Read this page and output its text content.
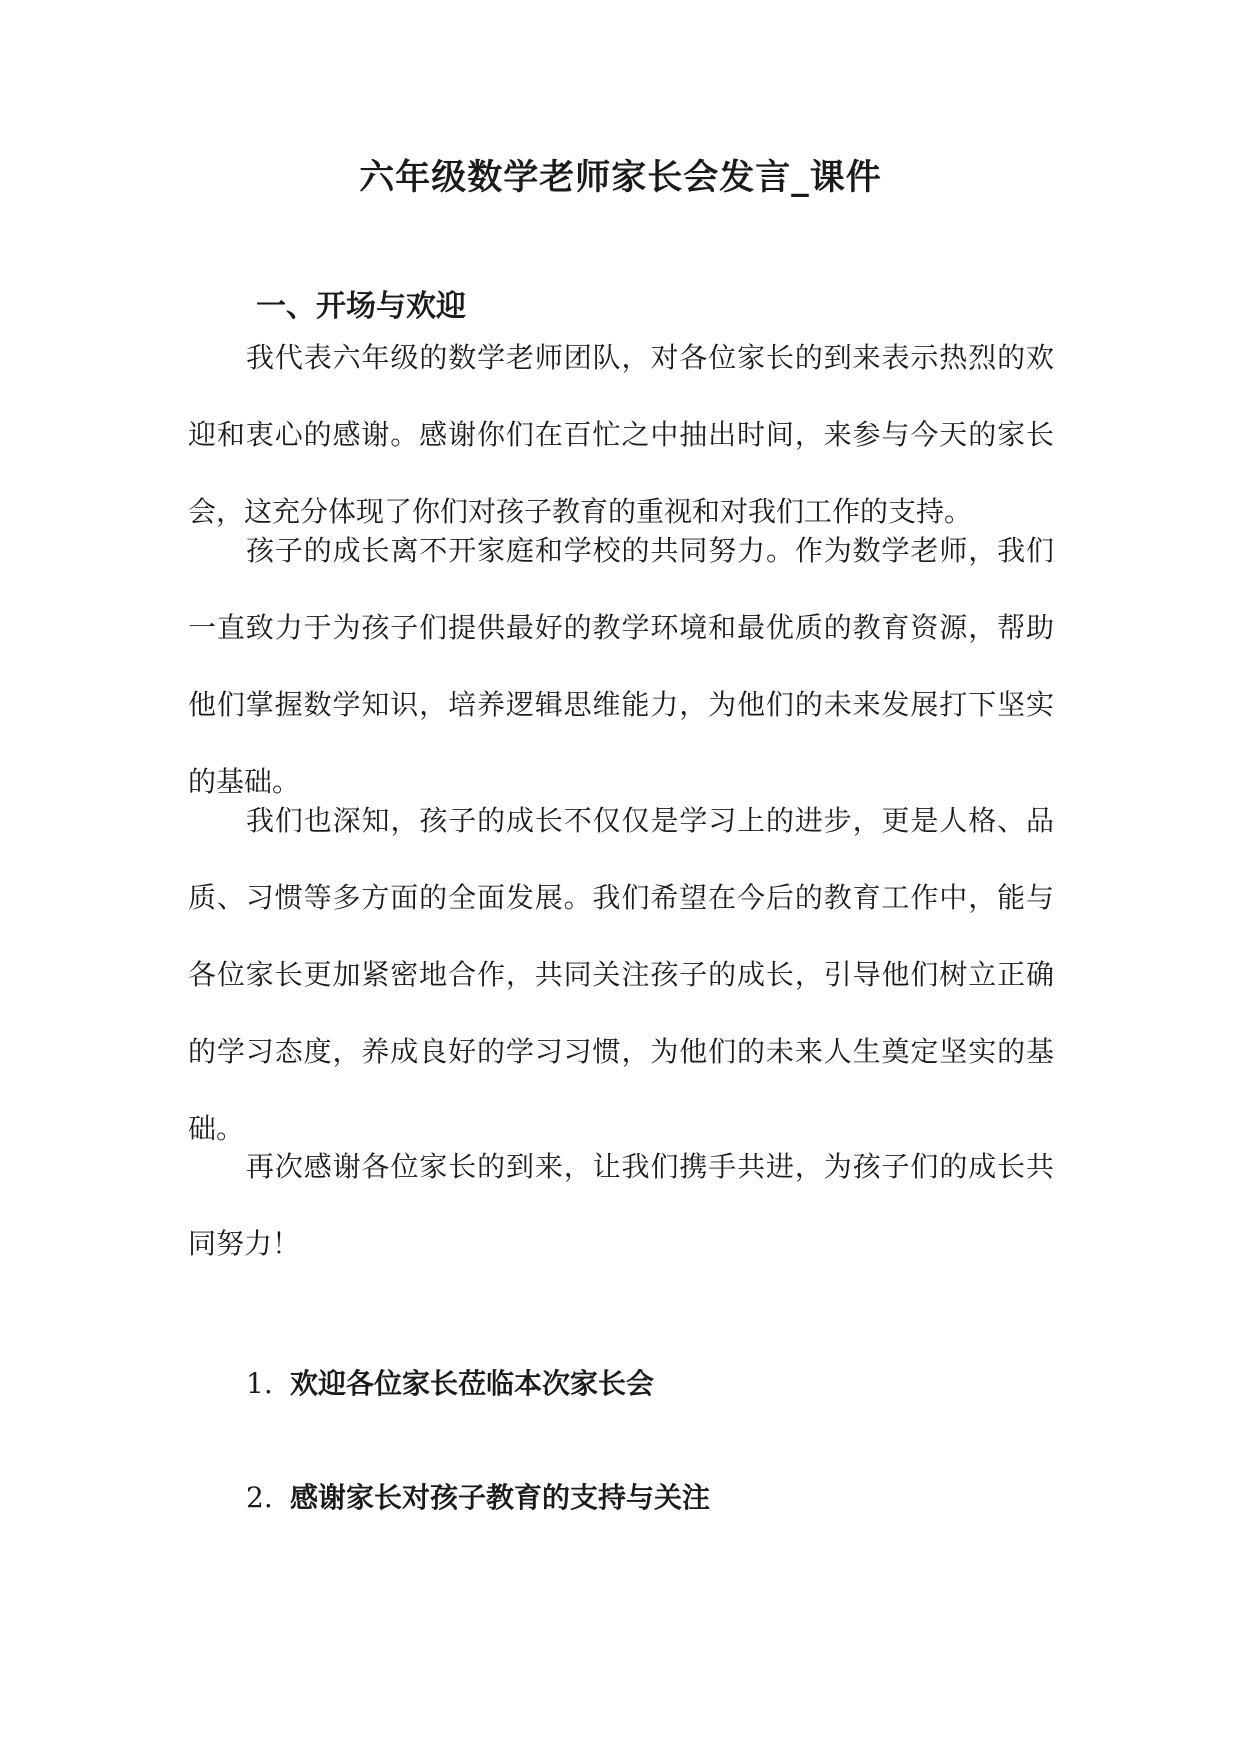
六年级数学老师家长会发言_课件
一、开场与欢迎

我代表六年级的数学老师团队，对各位家长的到来表示热烈的欢迎和衷心的感谢。感谢你们在百忙之中抽出时间，来参与今天的家长会，这充分体现了你们对孩子教育的重视和对我们工作的支持。

孩子的成长离不开家庭和学校的共同努力。作为数学老师，我们一直致力于为孩子们提供最好的教学环境和最优质的教育资源，帮助他们掌握数学知识，培养逻辑思维能力，为他们的未来发展打下坚实的基础。

我们也深知，孩子的成长不仅仅是学习上的进步，更是人格、品质、习惯等多方面的全面发展。我们希望在今后的教育工作中，能与各位家长更加紧密地合作，共同关注孩子的成长，引导他们树立正确的学习态度，养成良好的学习习惯，为他们的未来人生奠定坚实的基础。

再次感谢各位家长的到来，让我们携手共进，为孩子们的成长共同努力！

1. 欢迎各位家长莅临本次家长会
2. 感谢家长对孩子教育的支持与关注
